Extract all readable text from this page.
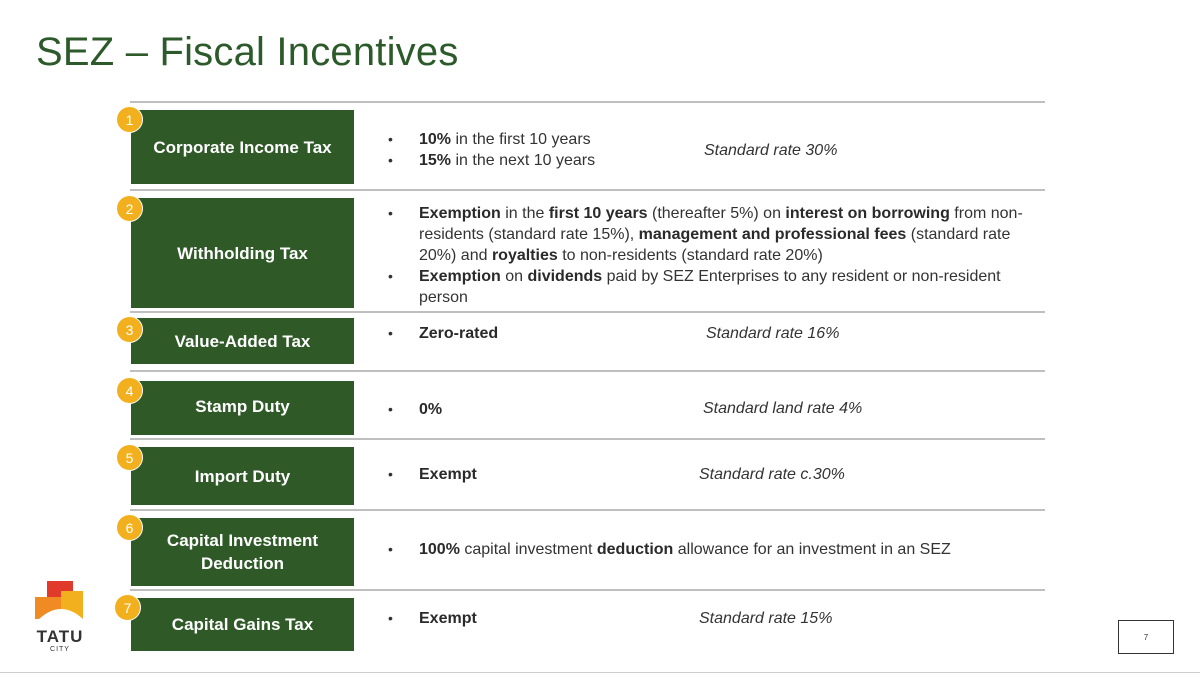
SEZ – Fiscal Incentives
Corporate Income Tax
1
• 10% in the first 10 years
• 15% in the next 10 years
Standard rate 30%
Withholding Tax
2	• Exemption in the first 10 years (thereafter 5%) on interest on borrowing from non-residents (standard rate 15%), management and professional fees (standard rate 20%) and royalties to non-residents (standard rate 20%)
• Exemption on dividends paid by SEZ Enterprises to any resident or non-resident person
Value-Added Tax
3	• Zero-rated	Standard rate 16%
Stamp Duty
4
• 0%	Standard land rate 4%
Import Duty
5
• Exempt	Standard rate c.30%
Capital Investment Deduction
6
• 100% capital investment deduction allowance for an investment in an SEZ
Capital Gains Tax
7
• Exempt	Standard rate 15%
TATU
CITY
7
